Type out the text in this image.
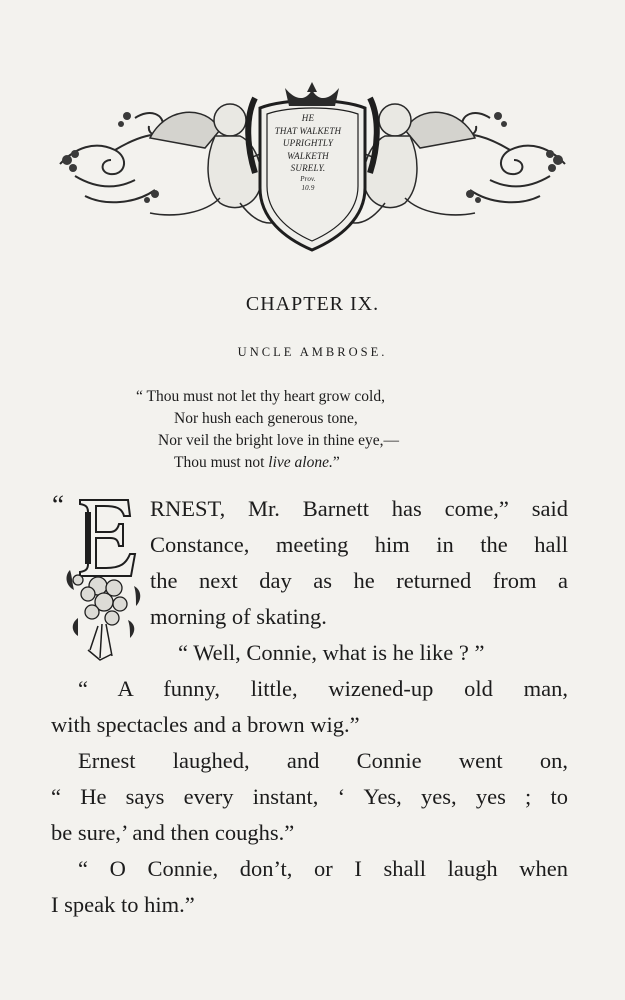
HE
THAT WALKETH
UPRIGHTLY
WALKETH
SURELY.
Prov.
10.9
CHAPTER IX.
UNCLE AMBROSE.
“ Thou must not let thy heart grow cold,
Nor hush each generous tone,
Nor veil the bright love in thine eye,—
Thou must not live alone.”
“	RNEST, Mr. Barnett has come,” said
Constance, meeting him in the hall
the next day as he returned from a
morning of skating.
“ Well, Connie, what is he like ? ”
“ A funny, little, wizened-up old man,
with spectacles and a brown wig.”
Ernest laughed, and Connie went on,
“ He says every instant, ‘ Yes, yes, yes ; to
be sure,’ and then coughs.”
“ O Connie, don’t, or I shall laugh when
I speak to him.”
